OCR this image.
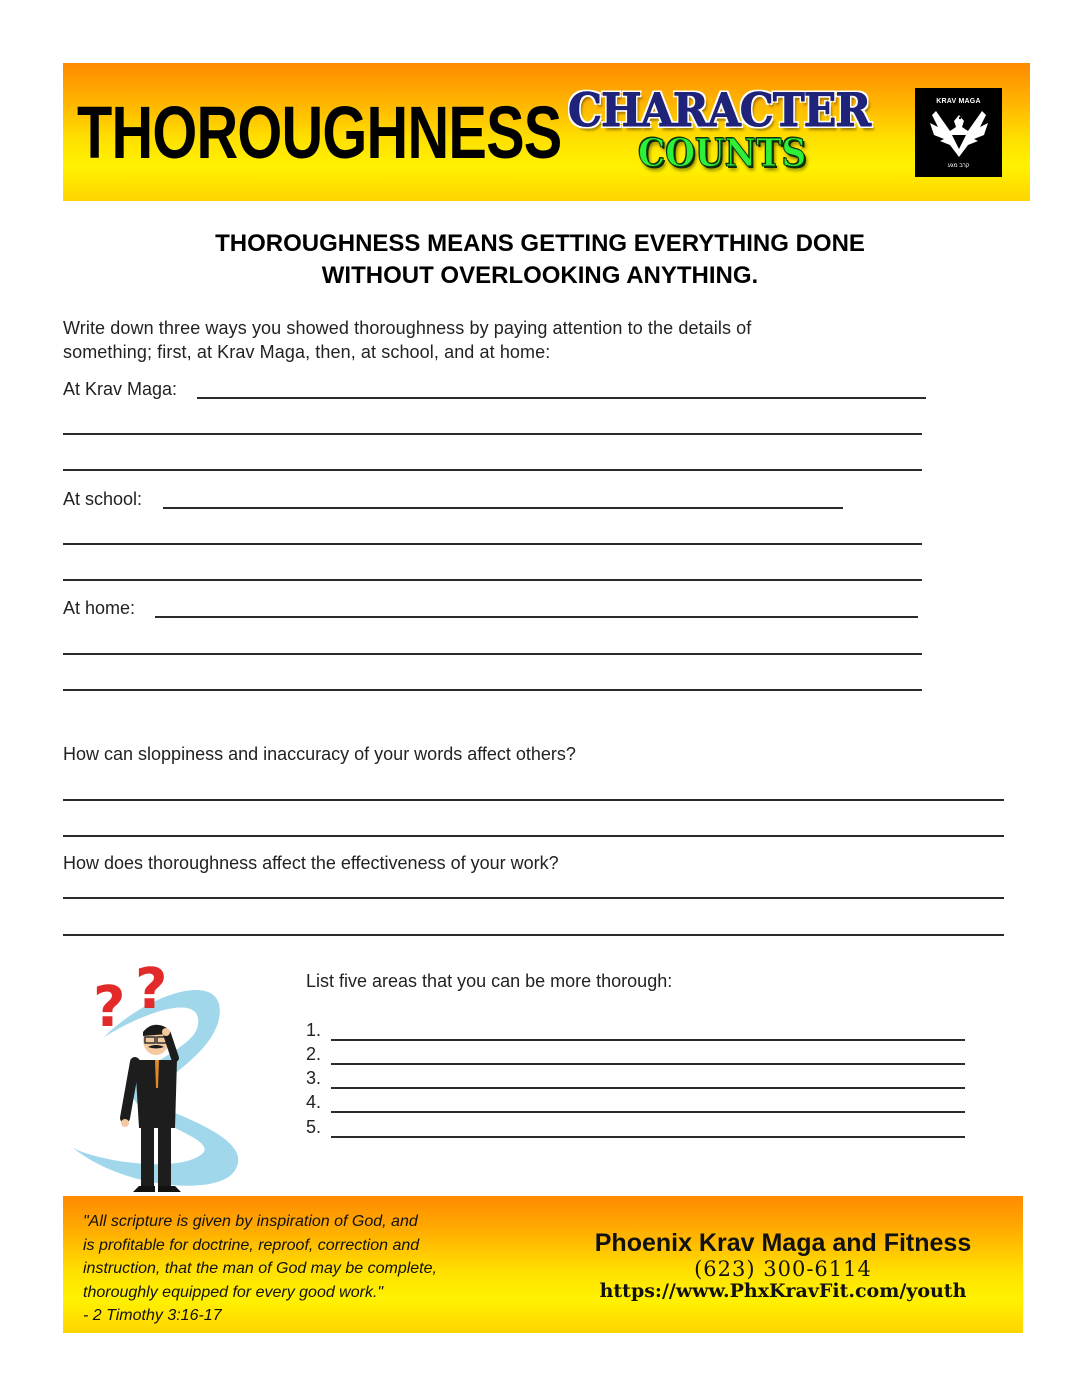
THOROUGHNESS CHARACTER
COUNTS
KRAV MAGA
קרב מגע
THOROUGHNESS MEANS GETTING EVERYTHING DONE
WITHOUT OVERLOOKING ANYTHING.
Write down three ways you showed thoroughness by paying attention to the details of
something; first, at Krav Maga, then, at school, and at home:
At Krav Maga:
At school:
At home:
How can sloppiness and inaccuracy of your words affect others?
How does thoroughness affect the effectiveness of your work?
? ?	List five areas that you can be more thorough:
1.
2.
3.
4.
5.
"All scripture is given by inspiration of God, and
is profitable for doctrine, reproof, correction and
instruction, that the man of God may be complete,
thoroughly equipped for every good work."
- 2 Timothy 3:16-17
Phoenix Krav Maga and Fitness
(623) 300-6114
https://www.PhxKravFit.com/youth
